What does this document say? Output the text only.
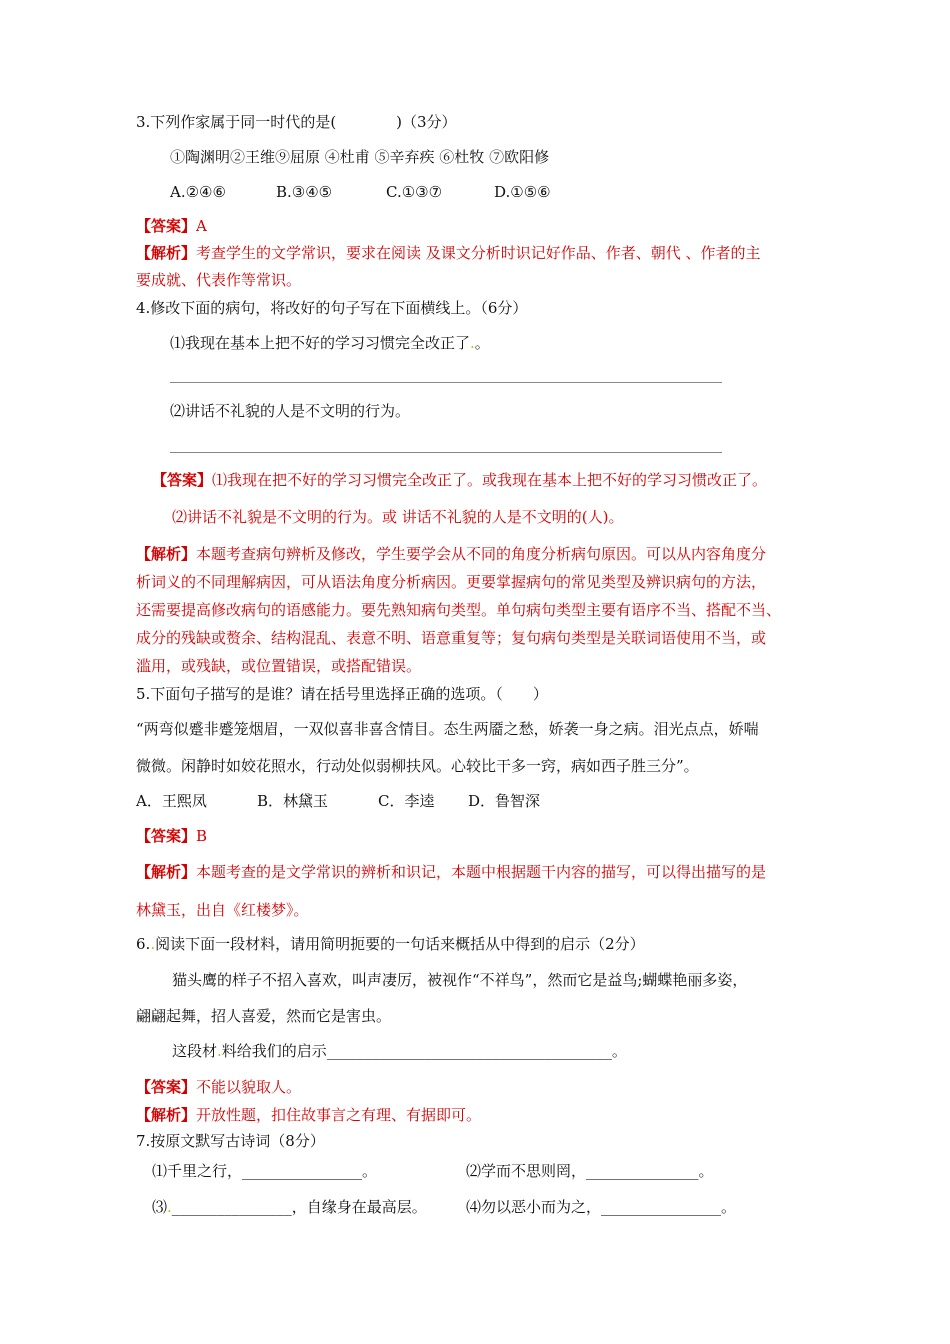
3.下列作家属于同一时代的是(　　　　)（3分）
①陶渊明②王维⑨屈原 ④杜甫 ⑤辛弃疾 ⑥杜牧 ⑦欧阳修
A.②④⑥	B.③④⑤	C.①③⑦	D.①⑤⑥
【答案】A
【解析】考查学生的文学常识，要求在阅读 及课文分析时识记好作品、作者、朝代 、作者的主
要成就、代表作等常识。
4.修改下面的病句，将改好的句子写在下面横线上。（6分）
⑴我现在基本上把不好的学习习惯完全改正了.。
⑵讲话不礼貌的人是不文明的行为。
【答案】⑴我现在把不好的学习习惯完全改正了。或我现在基本上把不好的学习习惯改正了。
⑵讲话不礼貌是不文明的行为。或 讲话不礼貌的人是不文明的(人)。
【解析】本题考查病句辨析及修改，学生要学会从不同的角度分析病句原因。可以从内容角度分
析词义的不同理解病因，可从语法角度分析病因。更要掌握病句的常见类型及辨识病句的方法，
还需要提高修改病句的语感能力。要先熟知病句类型。单句病句类型主要有语序不当、搭配不当、
成分的残缺或赘余、结构混乱、表意不明、语意重复等；复句病句类型是关联词语使用不当，或
滥用，或残缺，或位置错误，或搭配错误。
5.下面句子描写的是谁？请在括号里选择正确的选项。（　　）
“两弯似蹙非蹙笼烟眉，一双似喜非喜含情目。态生两靥之愁，娇袭一身之病。泪光点点，娇喘
微微。闲静时如姣花照水，行动处似弱柳扶风。心较比干多一窍，病如西子胜三分”。
A．王熙凤	B．林黛玉	C．李逵 D．鲁智深
【答案】B
【解析】本题考查的是文学常识的辨析和识记，本题中根据题干内容的描写，可以得出描写的是
林黛玉，出自《红楼梦》。
6..阅读下面一段材料，请用简明扼要的一句话来概括从中得到的启示（2分）
猫头鹰的样子不招入喜欢，叫声凄厉，被视作“不祥鸟”，然而它是益鸟;蝴蝶艳丽多姿，
翩翩起舞，招人喜爱，然而它是害虫。
这段材.料给我们的启示______________________________________。
【答案】不能以貌取人。
【解析】开放性题，扣住故事言之有理、有据即可。
7.按原文默写古诗词（8分）
⑴千里之行，________________。	⑵学而不思则罔，_______________。
⑶.________________，自缘身在最高层。	⑷勿以恶小而为之，________________。
